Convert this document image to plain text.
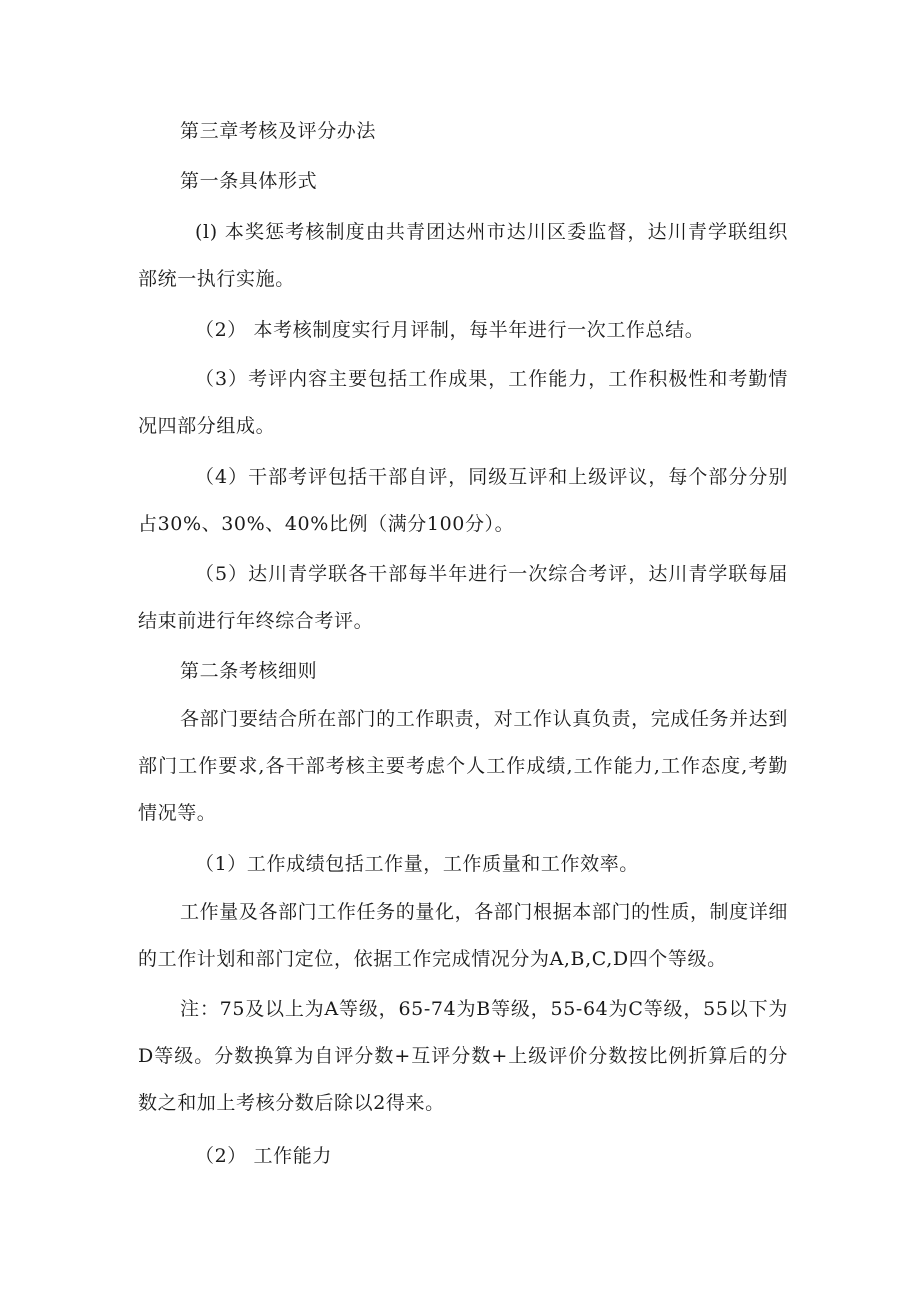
第三章考核及评分办法

第一条具体形式

(l) 本奖惩考核制度由共青团达州市达川区委监督，达川青学联组织部统一执行实施。

（2） 本考核制度实行月评制，每半年进行一次工作总结。

（3）考评内容主要包括工作成果，工作能力，工作积极性和考勤情况四部分组成。

（4）干部考评包括干部自评，同级互评和上级评议，每个部分分别占30%、30%、40%比例（满分100分）。

（5）达川青学联各干部每半年进行一次综合考评，达川青学联每届结束前进行年终综合考评。

第二条考核细则

各部门要结合所在部门的工作职责，对工作认真负责，完成任务并达到部门工作要求,各干部考核主要考虑个人工作成绩,工作能力,工作态度,考勤情况等。

（1）工作成绩包括工作量，工作质量和工作效率。

工作量及各部门工作任务的量化，各部门根据本部门的性质，制度详细的工作计划和部门定位，依据工作完成情况分为A,B,C,D四个等级。

注：75及以上为A等级，65-74为B等级，55-64为C等级，55以下为D等级。分数换算为自评分数+互评分数+上级评价分数按比例折算后的分数之和加上考核分数后除以2得来。

（2） 工作能力
